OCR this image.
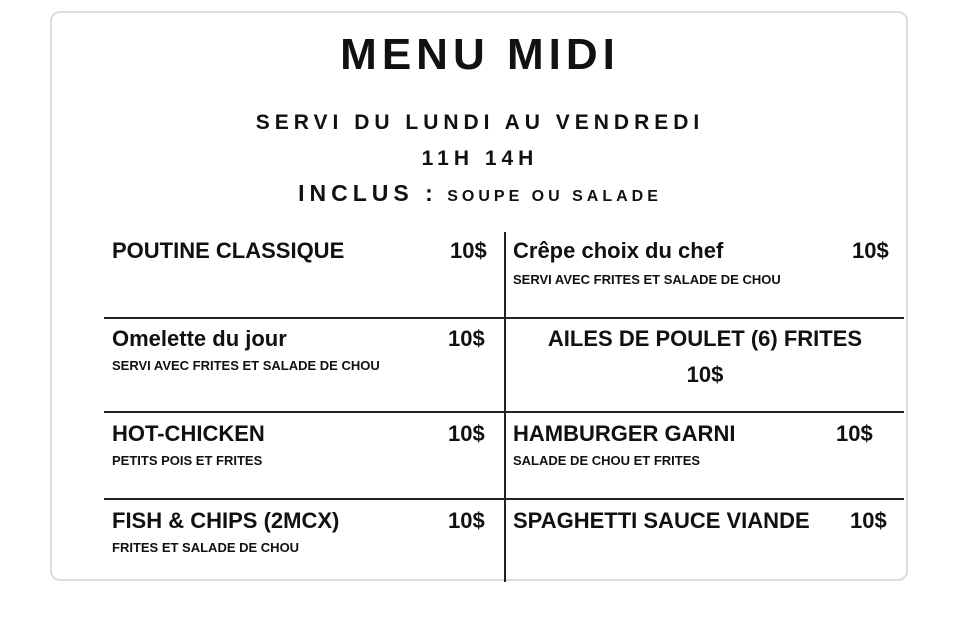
MENU MIDI
SERVI DU LUNDI AU VENDREDI
11H 14H
INCLUS : SOUPE OU SALADE
POUTINE CLASSIQUE	10$ Crêpe choix du chef	10$
SERVI AVEC FRITES ET SALADE DE CHOU
Omelette du jour	10$
SERVI AVEC FRITES ET SALADE DE CHOU
AILES DE POULET (6) FRITES
10$
HOT-CHICKEN	10$
PETITS POIS ET FRITES
HAMBURGER GARNI	10$
SALADE DE CHOU ET FRITES
FISH & CHIPS (2MCX)	10$
FRITES ET SALADE DE CHOU
SPAGHETTI SAUCE VIANDE 10$
